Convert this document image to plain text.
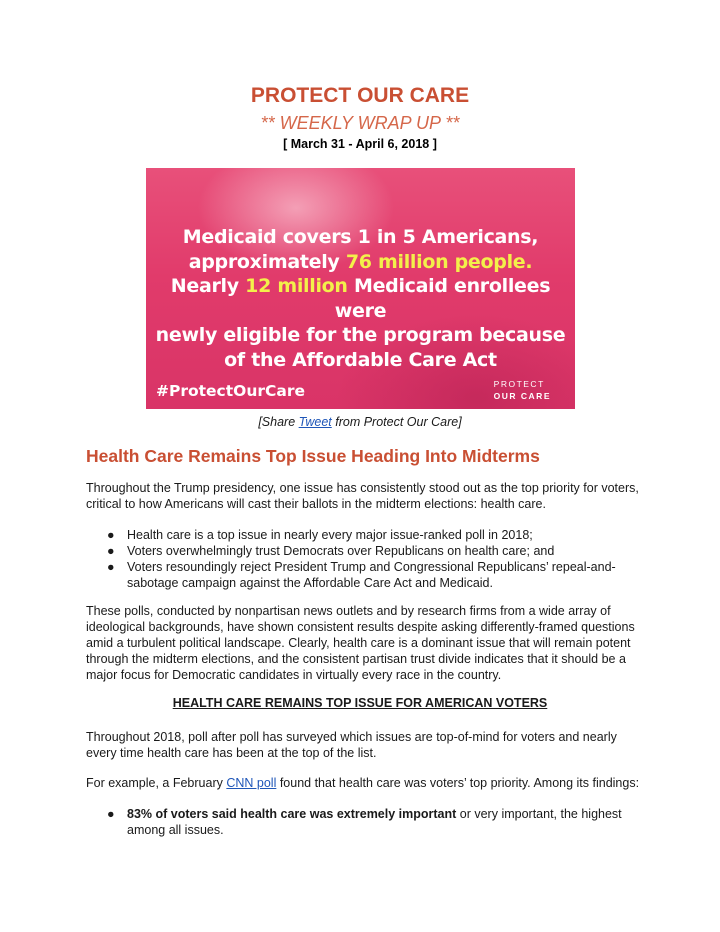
PROTECT OUR CARE
** WEEKLY WRAP UP **
[ March 31 - April 6, 2018 ]
Medicaid covers 1 in 5 Americans,
approximately 76 million people.
Nearly 12 million Medicaid enrollees were
newly eligible for the program because
of the Affordable Care Act
#ProtectOurCare	PROTECT
OUR CARE
[Share Tweet from Protect Our Care]
Health Care Remains Top Issue Heading Into Midterms
Throughout the Trump presidency, one issue has consistently stood out as the top priority for voters, critical to how Americans will cast their ballots in the midterm elections: health care.
● Health care is a top issue in nearly every major issue-ranked poll in 2018;
● Voters overwhelmingly trust Democrats over Republicans on health care; and
● Voters resoundingly reject President Trump and Congressional Republicans’ repeal-and-sabotage campaign against the Affordable Care Act and Medicaid.
These polls, conducted by nonpartisan news outlets and by research firms from a wide array of ideological backgrounds, have shown consistent results despite asking differently-framed questions amid a turbulent political landscape. Clearly, health care is a dominant issue that will remain potent through the midterm elections, and the consistent partisan trust divide indicates that it should be a major focus for Democratic candidates in virtually every race in the country.
HEALTH CARE REMAINS TOP ISSUE FOR AMERICAN VOTERS
Throughout 2018, poll after poll has surveyed which issues are top-of-mind for voters and nearly every time health care has been at the top of the list.
For example, a February CNN poll found that health care was voters’ top priority. Among its findings:
● 83% of voters said health care was extremely important or very important, the highest among all issues.
